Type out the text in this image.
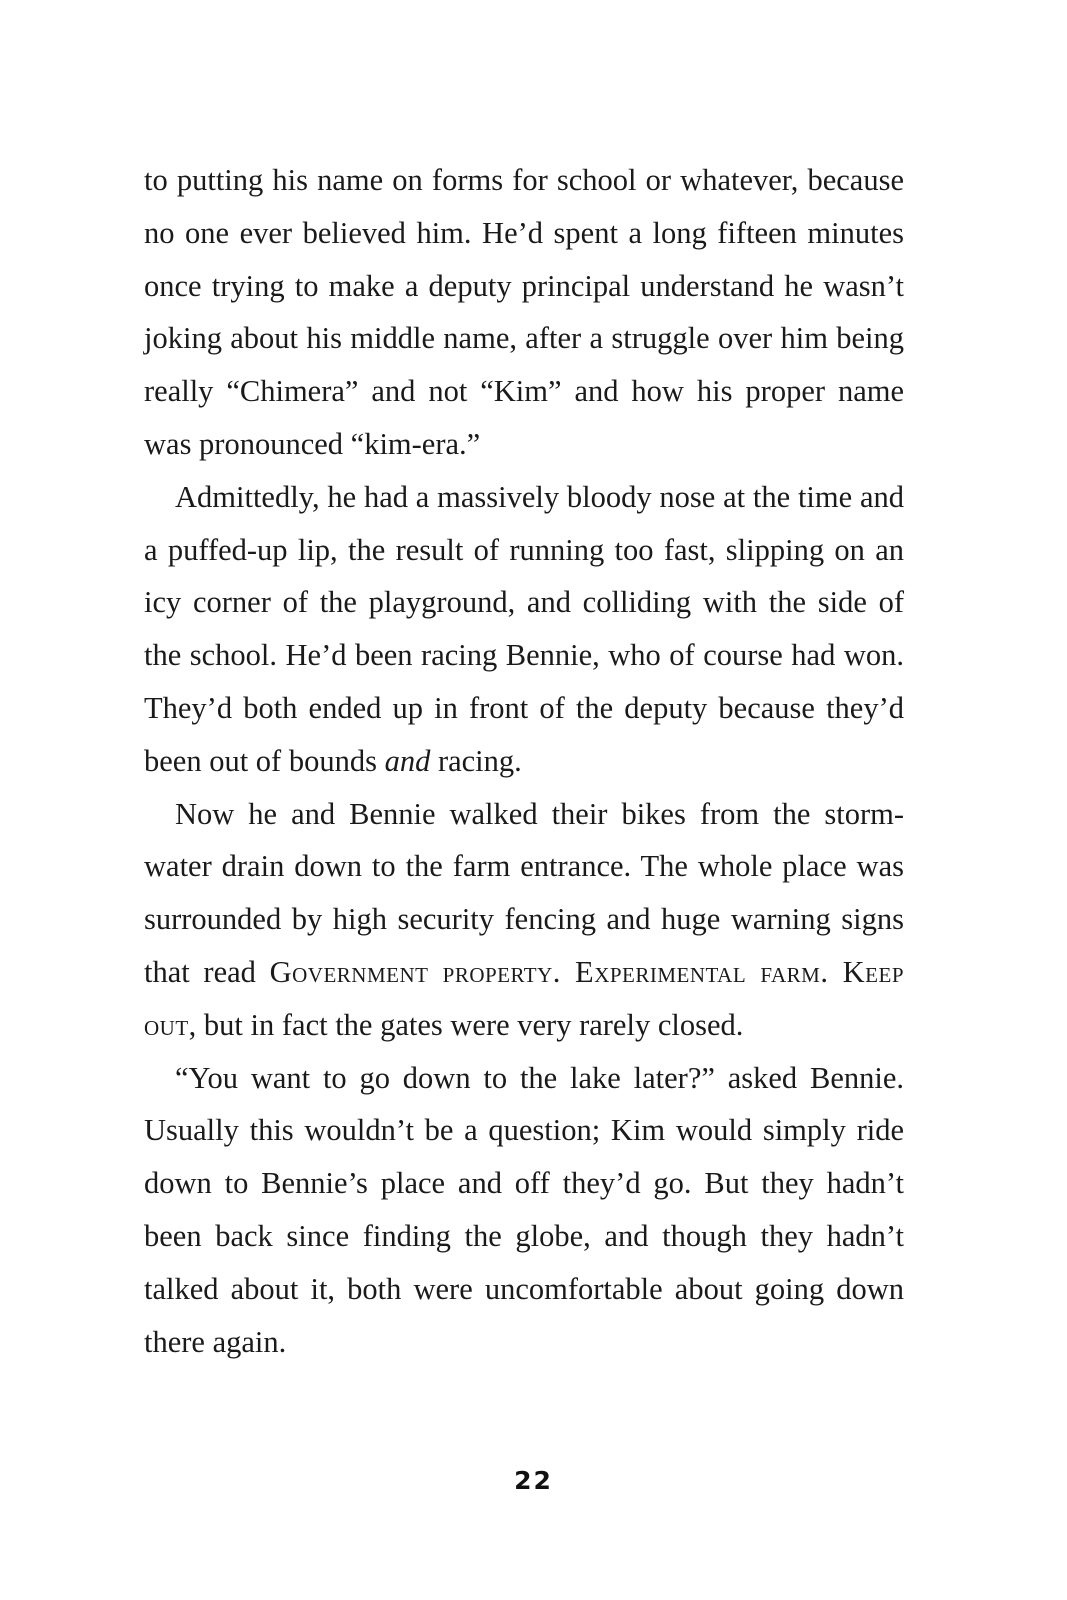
to putting his name on forms for school or whatever, because no one ever believed him. He’d spent a long fifteen minutes once trying to make a deputy principal understand he wasn’t joking about his middle name, after a struggle over him being really “Chimera” and not “Kim” and how his proper name was pronounced “kim-era.”

Admittedly, he had a massively bloody nose at the time and a puffed-up lip, the result of running too fast, slipping on an icy corner of the playground, and colliding with the side of the school. He’d been racing Bennie, who of course had won. They’d both ended up in front of the deputy because they’d been out of bounds and racing.

Now he and Bennie walked their bikes from the storm-water drain down to the farm entrance. The whole place was surrounded by high security fencing and huge warning signs that read Government property. Experimental farm. Keep out, but in fact the gates were very rarely closed.

“You want to go down to the lake later?” asked Bennie. Usually this wouldn’t be a question; Kim would simply ride down to Bennie’s place and off they’d go. But they hadn’t been back since finding the globe, and though they hadn’t talked about it, both were uncomfortable about going down there again.

22
